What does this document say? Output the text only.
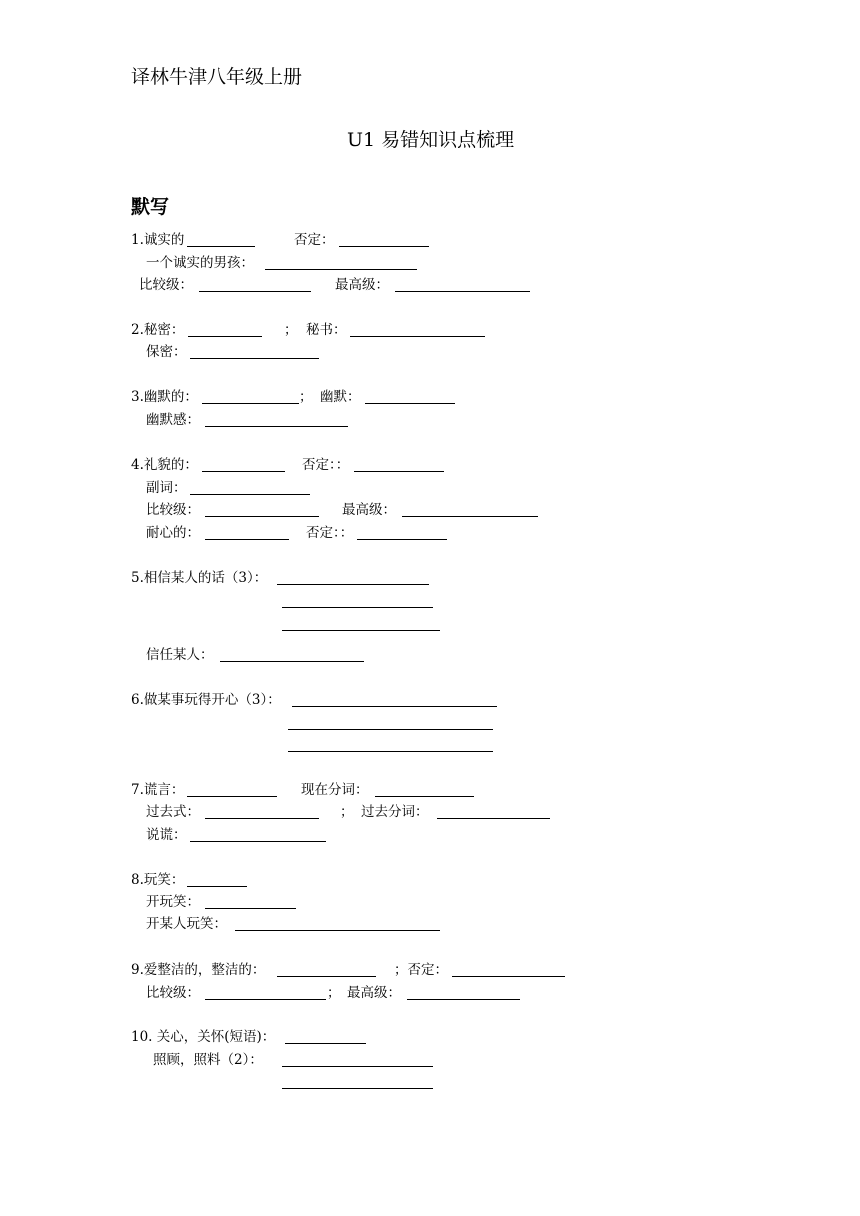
译林牛津八年级上册
U1 易错知识点梳理
默写
1.诚实的	否定：
一个诚实的男孩：
比较级：	最高级：
2.秘密：	； 秘书：
保密：
3.幽默的：	； 幽默：
幽默感：
4.礼貌的：	否定：：
副词：
比较级：	最高级：
耐心的：	否定：：
5.相信某人的话（3）：
信任某人：
6.做某事玩得开心（3）：
7.谎言：	现在分词：
过去式：	； 过去分词：
说谎：
8.玩笑：
开玩笑：
开某人玩笑：
9.爱整洁的，整洁的：	；否定：
比较级：	； 最高级：
10. 关心，关怀(短语)：
照顾，照料（2）：
